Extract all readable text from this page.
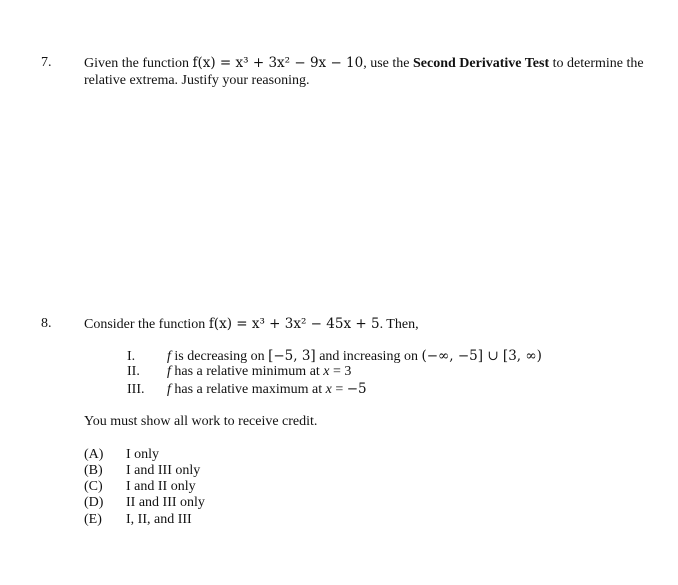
7. Given the function f(x) = x³ + 3x² − 9x − 10, use the Second Derivative Test to determine the
relative extrema. Justify your reasoning.
8. Consider the function f(x) = x³ + 3x² − 45x + 5. Then,
I. f is decreasing on [−5, 3] and increasing on (−∞, −5] ∪ [3, ∞)
II. f has a relative minimum at x = 3
III. f has a relative maximum at x = −5
You must show all work to receive credit.
(A) I only
(B) I and III only
(C) I and II only
(D) II and III only
(E) I, II, and III
